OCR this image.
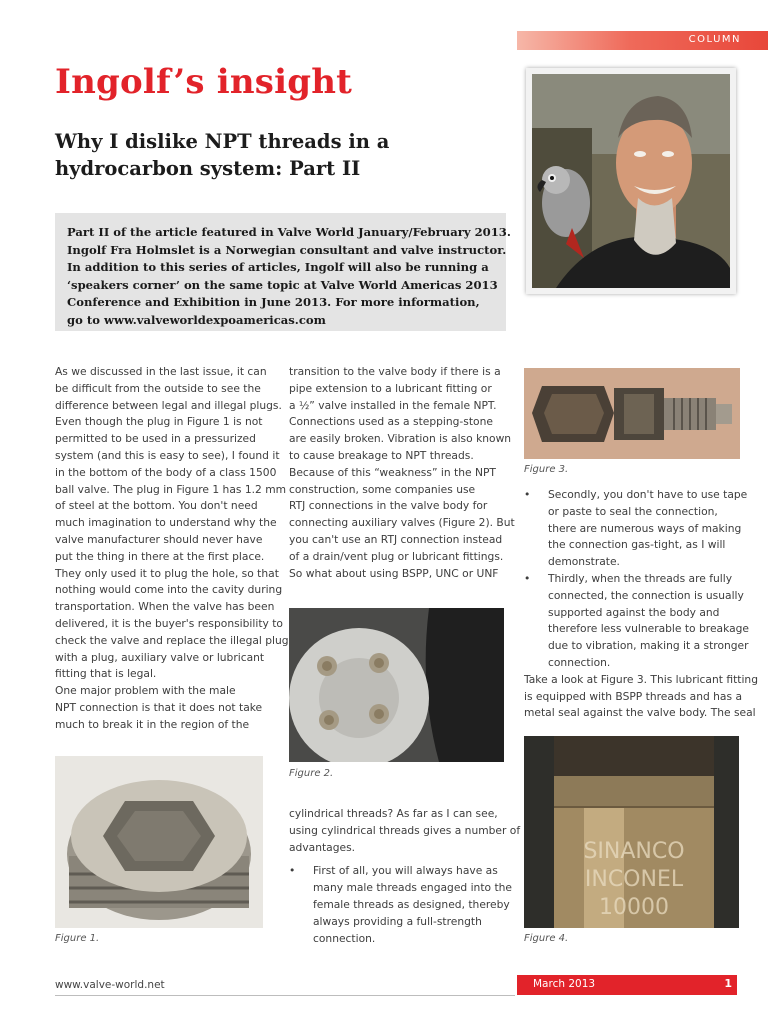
COLUMN
Ingolf’s insight
Why I dislike NPT threads in a hydrocarbon system: Part II
Part II of the article featured in Valve World January/February 2013.
Ingolf Fra Holmslet is a Norwegian consultant and valve instructor.
In addition to this series of articles, Ingolf will also be running a
‘speakers corner’ on the same topic at Valve World Americas 2013
Conference and Exhibition in June 2013. For more information,
go to www.valveworldexpoamericas.com
As we discussed in the last issue, it can
be difficult from the outside to see the
difference between legal and illegal plugs.
Even though the plug in Figure 1 is not
permitted to be used in a pressurized
system (and this is easy to see), I found it
in the bottom of the body of a class 1500
ball valve. The plug in Figure 1 has 1.2 mm
of steel at the bottom. You don't need
much imagination to understand why the
valve manufacturer should never have
put the thing in there at the first place.
They only used it to plug the hole, so that
nothing would come into the cavity during
transportation. When the valve has been
delivered, it is the buyer's responsibility to
check the valve and replace the illegal plug
with a plug, auxiliary valve or lubricant
fitting that is legal.
One major problem with the male
NPT connection is that it does not take
much to break it in the region of the
Figure 1.
transition to the valve body if there is a
pipe extension to a lubricant fitting or
a ½” valve installed in the female NPT.
Connections used as a stepping-stone
are easily broken. Vibration is also known
to cause breakage to NPT threads.
Because of this “weakness” in the NPT
construction, some companies use
RTJ connections in the valve body for
connecting auxiliary valves (Figure 2). But
you can't use an RTJ connection instead
of a drain/vent plug or lubricant fittings.
So what about using BSPP, UNC or UNF
Figure 2.
cylindrical threads? As far as I can see,
using cylindrical threads gives a number of
advantages.
• First of all, you will always have as
many male threads engaged into the
female threads as designed, thereby
always providing a full-strength
connection.
Figure 3.
• Secondly, you don't have to use tape
or paste to seal the connection,
there are numerous ways of making
the connection gas-tight, as I will
demonstrate.
• Thirdly, when the threads are fully
connected, the connection is usually
supported against the body and
therefore less vulnerable to breakage
due to vibration, making it a stronger
connection.
Take a look at Figure 3. This lubricant fitting
is equipped with BSPP threads and has a
metal seal against the valve body. The seal
SINANCO
INCONEL
10000
Figure 4.
www.valve-world.net	March 2013	1
